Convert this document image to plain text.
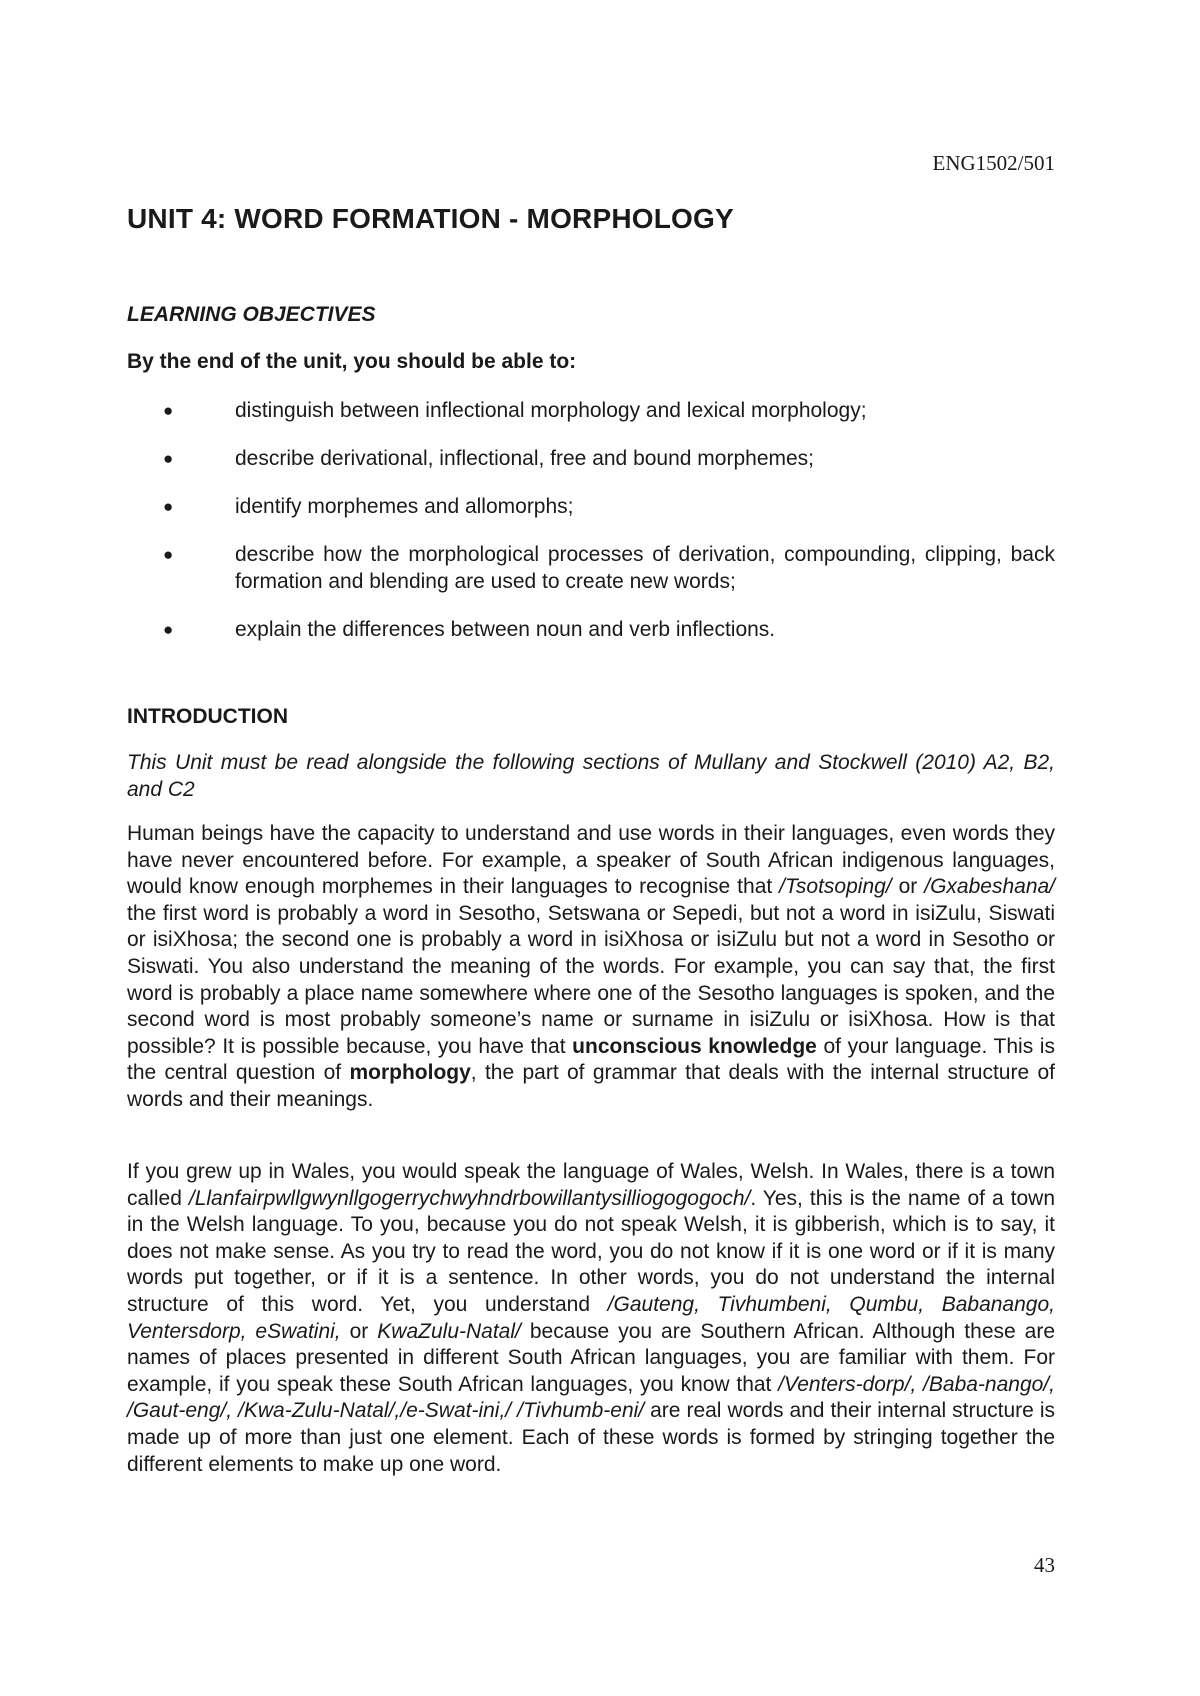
ENG1502/501
UNIT 4: WORD FORMATION - MORPHOLOGY
LEARNING OBJECTIVES

By the end of the unit, you should be able to:

●	distinguish between inflectional morphology and lexical morphology;
●	describe derivational, inflectional, free and bound morphemes;
●	identify morphemes and allomorphs;
●	describe how the morphological processes of derivation, compounding, clipping, back formation and blending are used to create new words;
●	explain the differences between noun and verb inflections.
INTRODUCTION

This Unit must be read alongside the following sections of Mullany and Stockwell (2010) A2, B2, and C2

Human beings have the capacity to understand and use words in their languages, even words they have never encountered before. For example, a speaker of South African indigenous languages, would know enough morphemes in their languages to recognise that /Tsotsoping/ or /Gxabeshana/ the first word is probably a word in Sesotho, Setswana or Sepedi, but not a word in isiZulu, Siswati or isiXhosa; the second one is probably a word in isiXhosa or isiZulu but not a word in Sesotho or Siswati. You also understand the meaning of the words. For example, you can say that, the first word is probably a place name somewhere where one of the Sesotho languages is spoken, and the second word is most probably someone’s name or surname in isiZulu or isiXhosa. How is that possible? It is possible because, you have that unconscious knowledge of your language. This is the central question of morphology, the part of grammar that deals with the internal structure of words and their meanings.

If you grew up in Wales, you would speak the language of Wales, Welsh. In Wales, there is a town called /Llanfairpwllgwynllgogerrychwyhndrbowillantysilliogogogoch/. Yes, this is the name of a town in the Welsh language. To you, because you do not speak Welsh, it is gibberish, which is to say, it does not make sense. As you try to read the word, you do not know if it is one word or if it is many words put together, or if it is a sentence. In other words, you do not understand the internal structure of this word. Yet, you understand /Gauteng, Tivhumbeni, Qumbu, Babanango, Ventersdorp, eSwatini, or KwaZulu-Natal/ because you are Southern African. Although these are names of places presented in different South African languages, you are familiar with them. For example, if you speak these South African languages, you know that /Venters-dorp/, /Baba-nango/, /Gaut-eng/, /Kwa-Zulu-Natal/,/e-Swat-ini,/ /Tivhumb-eni/ are real words and their internal structure is made up of more than just one element. Each of these words is formed by stringing together the different elements to make up one word.

43
